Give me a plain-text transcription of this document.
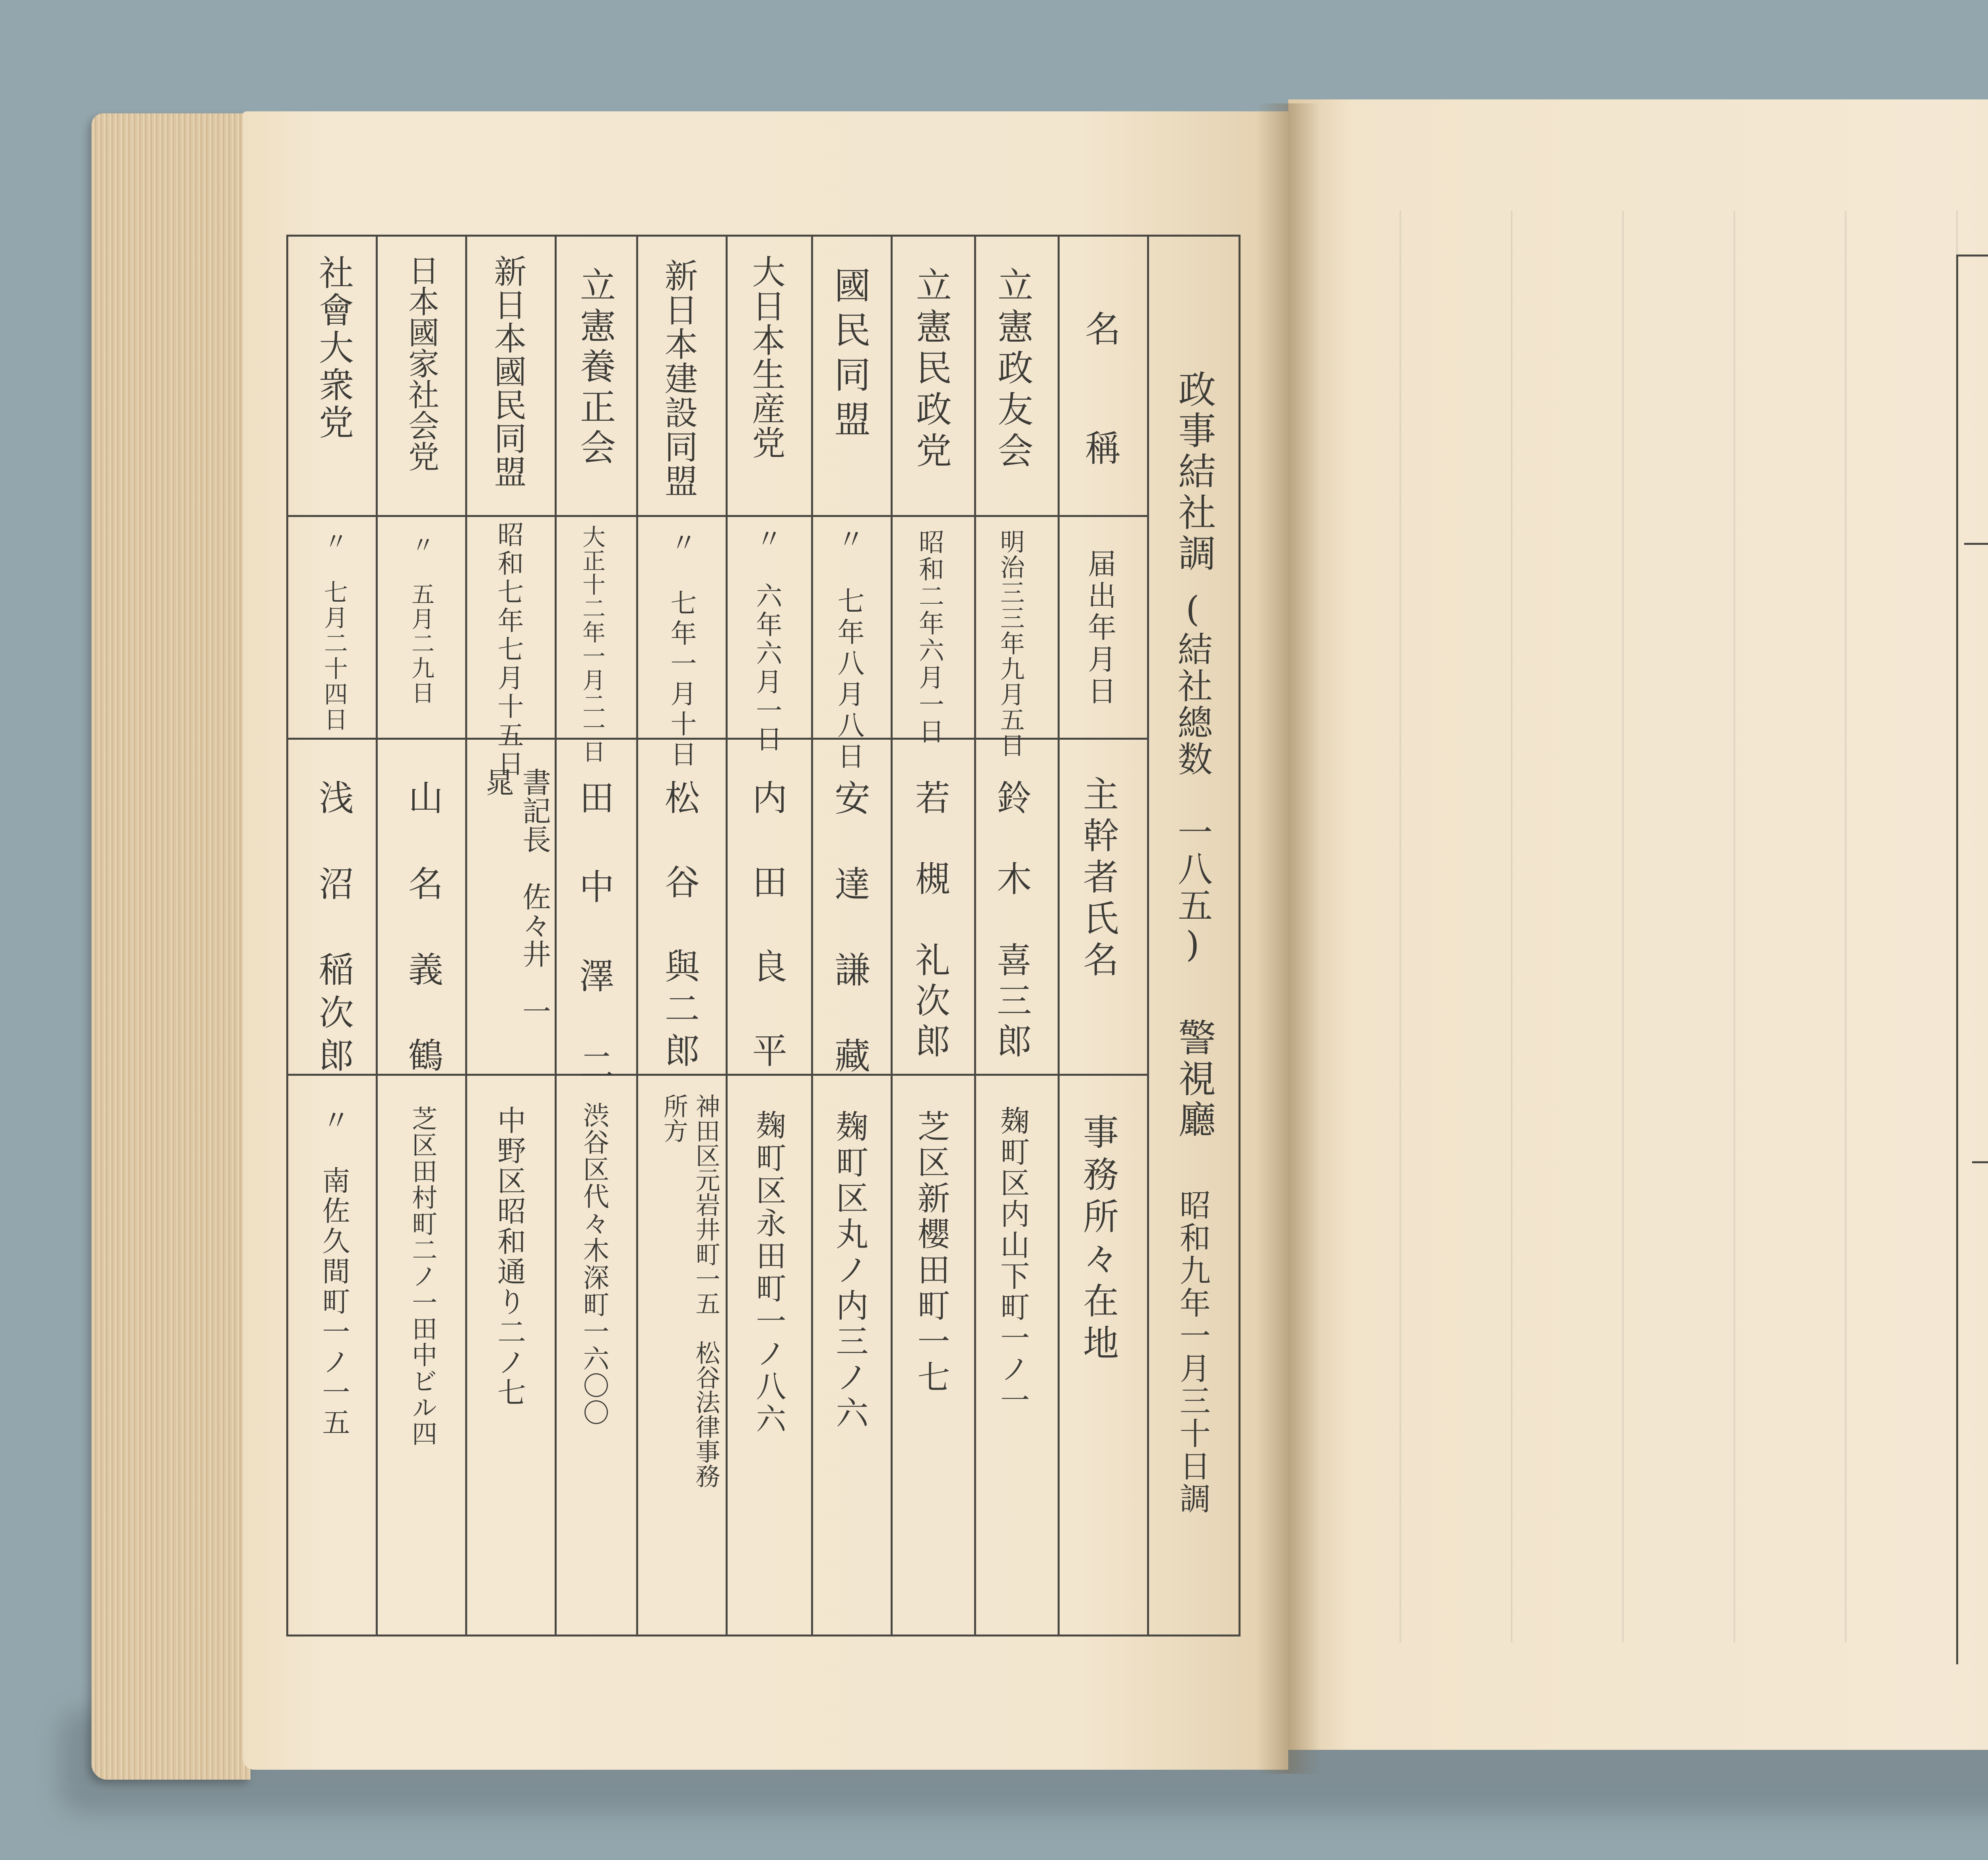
政事結社調
(結社總数　一八五)
警視廳
昭和九年一月三十日調
名　稱
届出年月日
主幹者氏名
事務所々在地
立憲政友会
明治三三年九月五日
鈴　木　喜三郎
麹町区内山下町一ノ一
立憲民政党
昭和二年六月一日
若　槻　礼次郎
芝区新櫻田町一七
國民同盟
〃　七年八月八日
安　達　謙　藏
麹町区丸ノ内三ノ六
大日本生産党
〃　六年六月一日
内　田　良　平
麹町区永田町一ノ八六
新日本建設同盟
〃　七年一月十日
松　谷　與二郎
神田区元岩井町一五　松谷法律事務所方
立憲養正会
大正十二年一月二一日
田　中　澤　二
渋谷区代々木深町一六〇〇
新日本國民同盟
昭和七年七月十五日
書記長　佐々井　一　晁
中野区昭和通り二ノ七
日本國家社会党
〃　五月二九日
山　名　義　鶴
芝区田村町二ノ一田中ビル四
社會大衆党
〃　七月二十四日
浅　沼　稲次郎
〃　南佐久間町一ノ一五
